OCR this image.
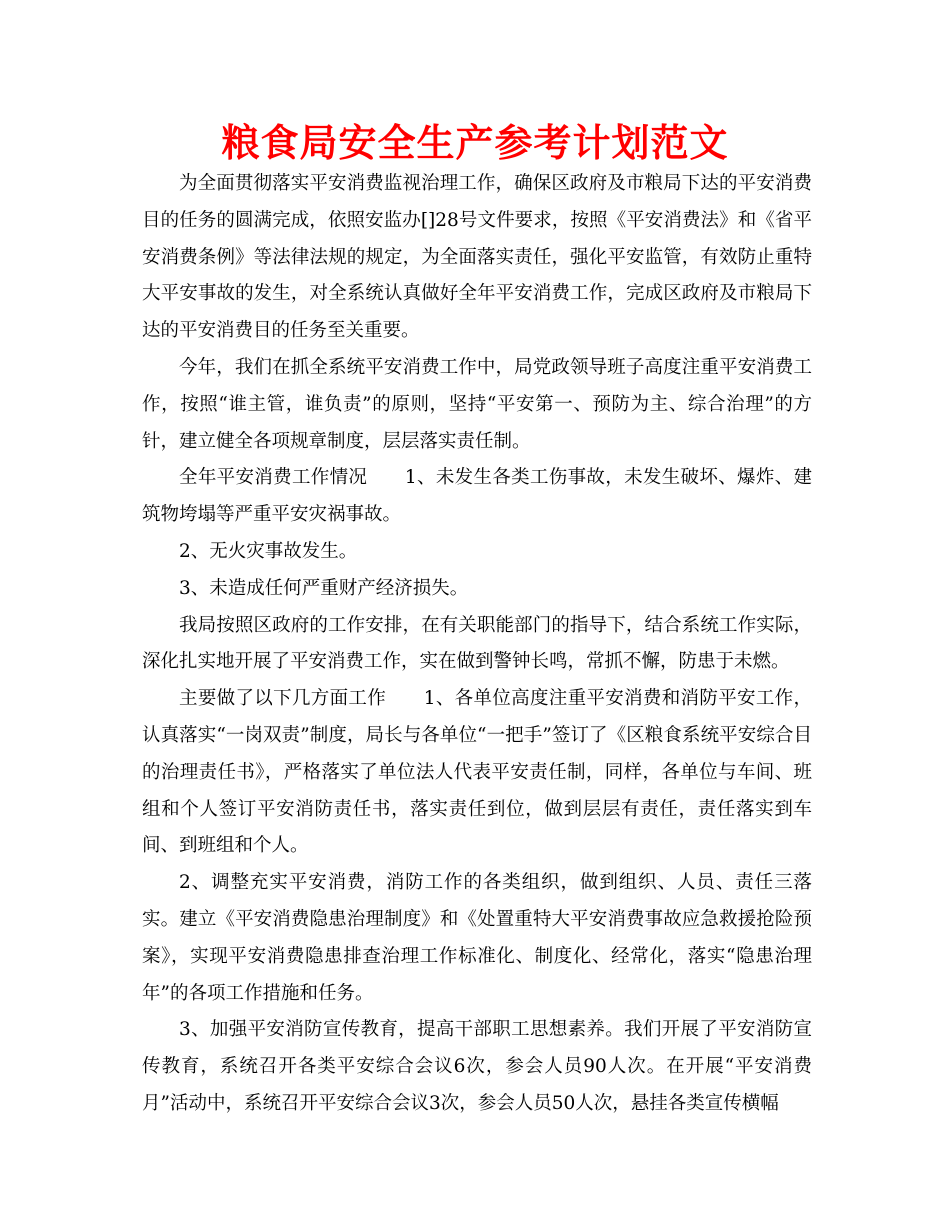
粮食局安全生产参考计划范文

为全面贯彻落实平安消费监视治理工作，确保区政府及市粮局下达的平安消费目的任务的圆满完成，依照安监办[]28号文件要求，按照《平安消费法》和《省平安消费条例》等法律法规的规定，为全面落实责任，强化平安监管，有效防止重特大平安事故的发生，对全系统认真做好全年平安消费工作，完成区政府及市粮局下达的平安消费目的任务至关重要。

今年，我们在抓全系统平安消费工作中，局党政领导班子高度注重平安消费工作，按照“谁主管，谁负责”的原则，坚持“平安第一、预防为主、综合治理”的方针，建立健全各项规章制度，层层落实责任制。

全年平安消费工作情况　　1、未发生各类工伤事故，未发生破坏、爆炸、建筑物垮塌等严重平安灾祸事故。

2、无火灾事故发生。

3、未造成任何严重财产经济损失。

我局按照区政府的工作安排，在有关职能部门的指导下，结合系统工作实际，深化扎实地开展了平安消费工作，实在做到警钟长鸣，常抓不懈，防患于未燃。

主要做了以下几方面工作　　1、各单位高度注重平安消费和消防平安工作，认真落实“一岗双责”制度，局长与各单位“一把手”签订了《区粮食系统平安综合目的治理责任书》，严格落实了单位法人代表平安责任制，同样，各单位与车间、班组和个人签订平安消防责任书，落实责任到位，做到层层有责任，责任落实到车间、到班组和个人。

2、调整充实平安消费，消防工作的各类组织，做到组织、人员、责任三落实。建立《平安消费隐患治理制度》和《处置重特大平安消费事故应急救援抢险预案》，实现平安消费隐患排查治理工作标准化、制度化、经常化，落实“隐患治理年”的各项工作措施和任务。

3、加强平安消防宣传教育，提高干部职工思想素养。我们开展了平安消防宣传教育，系统召开各类平安综合会议6次，参会人员90人次。在开展“平安消费月”活动中，系统召开平安综合会议3次，参会人员50人次，悬挂各类宣传横幅
